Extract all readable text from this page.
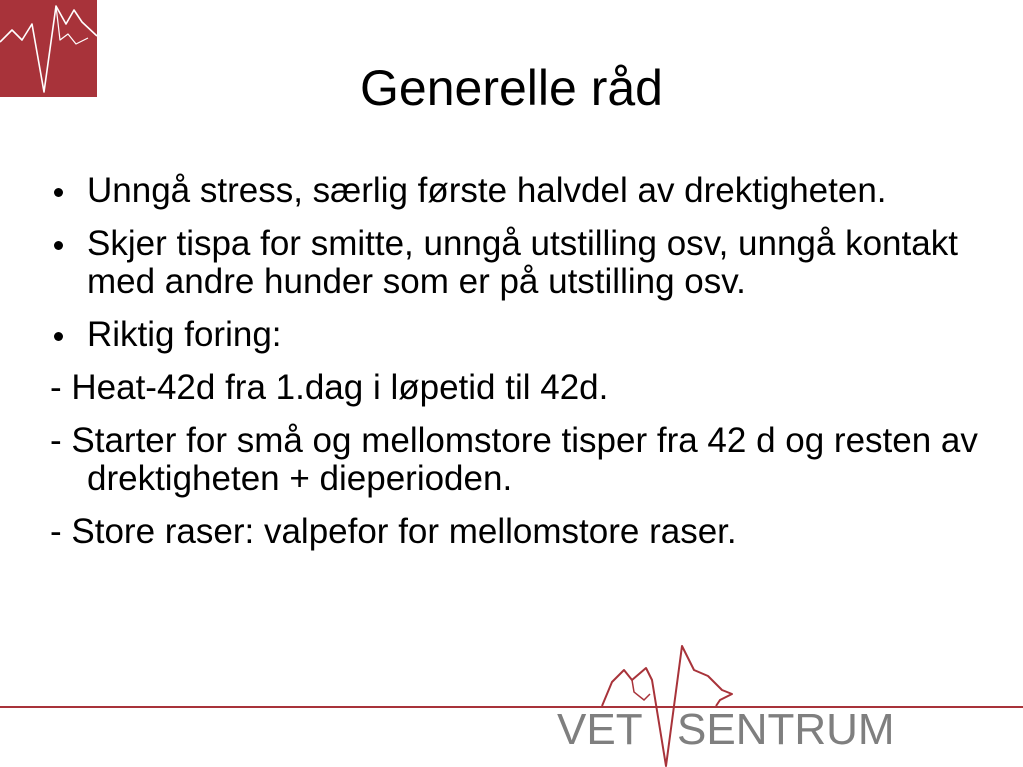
Generelle råd
Unngå stress, særlig første halvdel av drektigheten.
Skjer tispa for smitte, unngå utstilling osv, unngå kontakt med andre hunder som er på utstilling osv.
Riktig foring:
- Heat-42d fra 1.dag i løpetid til 42d.
- Starter for små og mellomstore tisper fra 42 d og resten av drektigheten + dieperioden.
- Store raser: valpefor for mellomstore raser.
VET SENTRUM
